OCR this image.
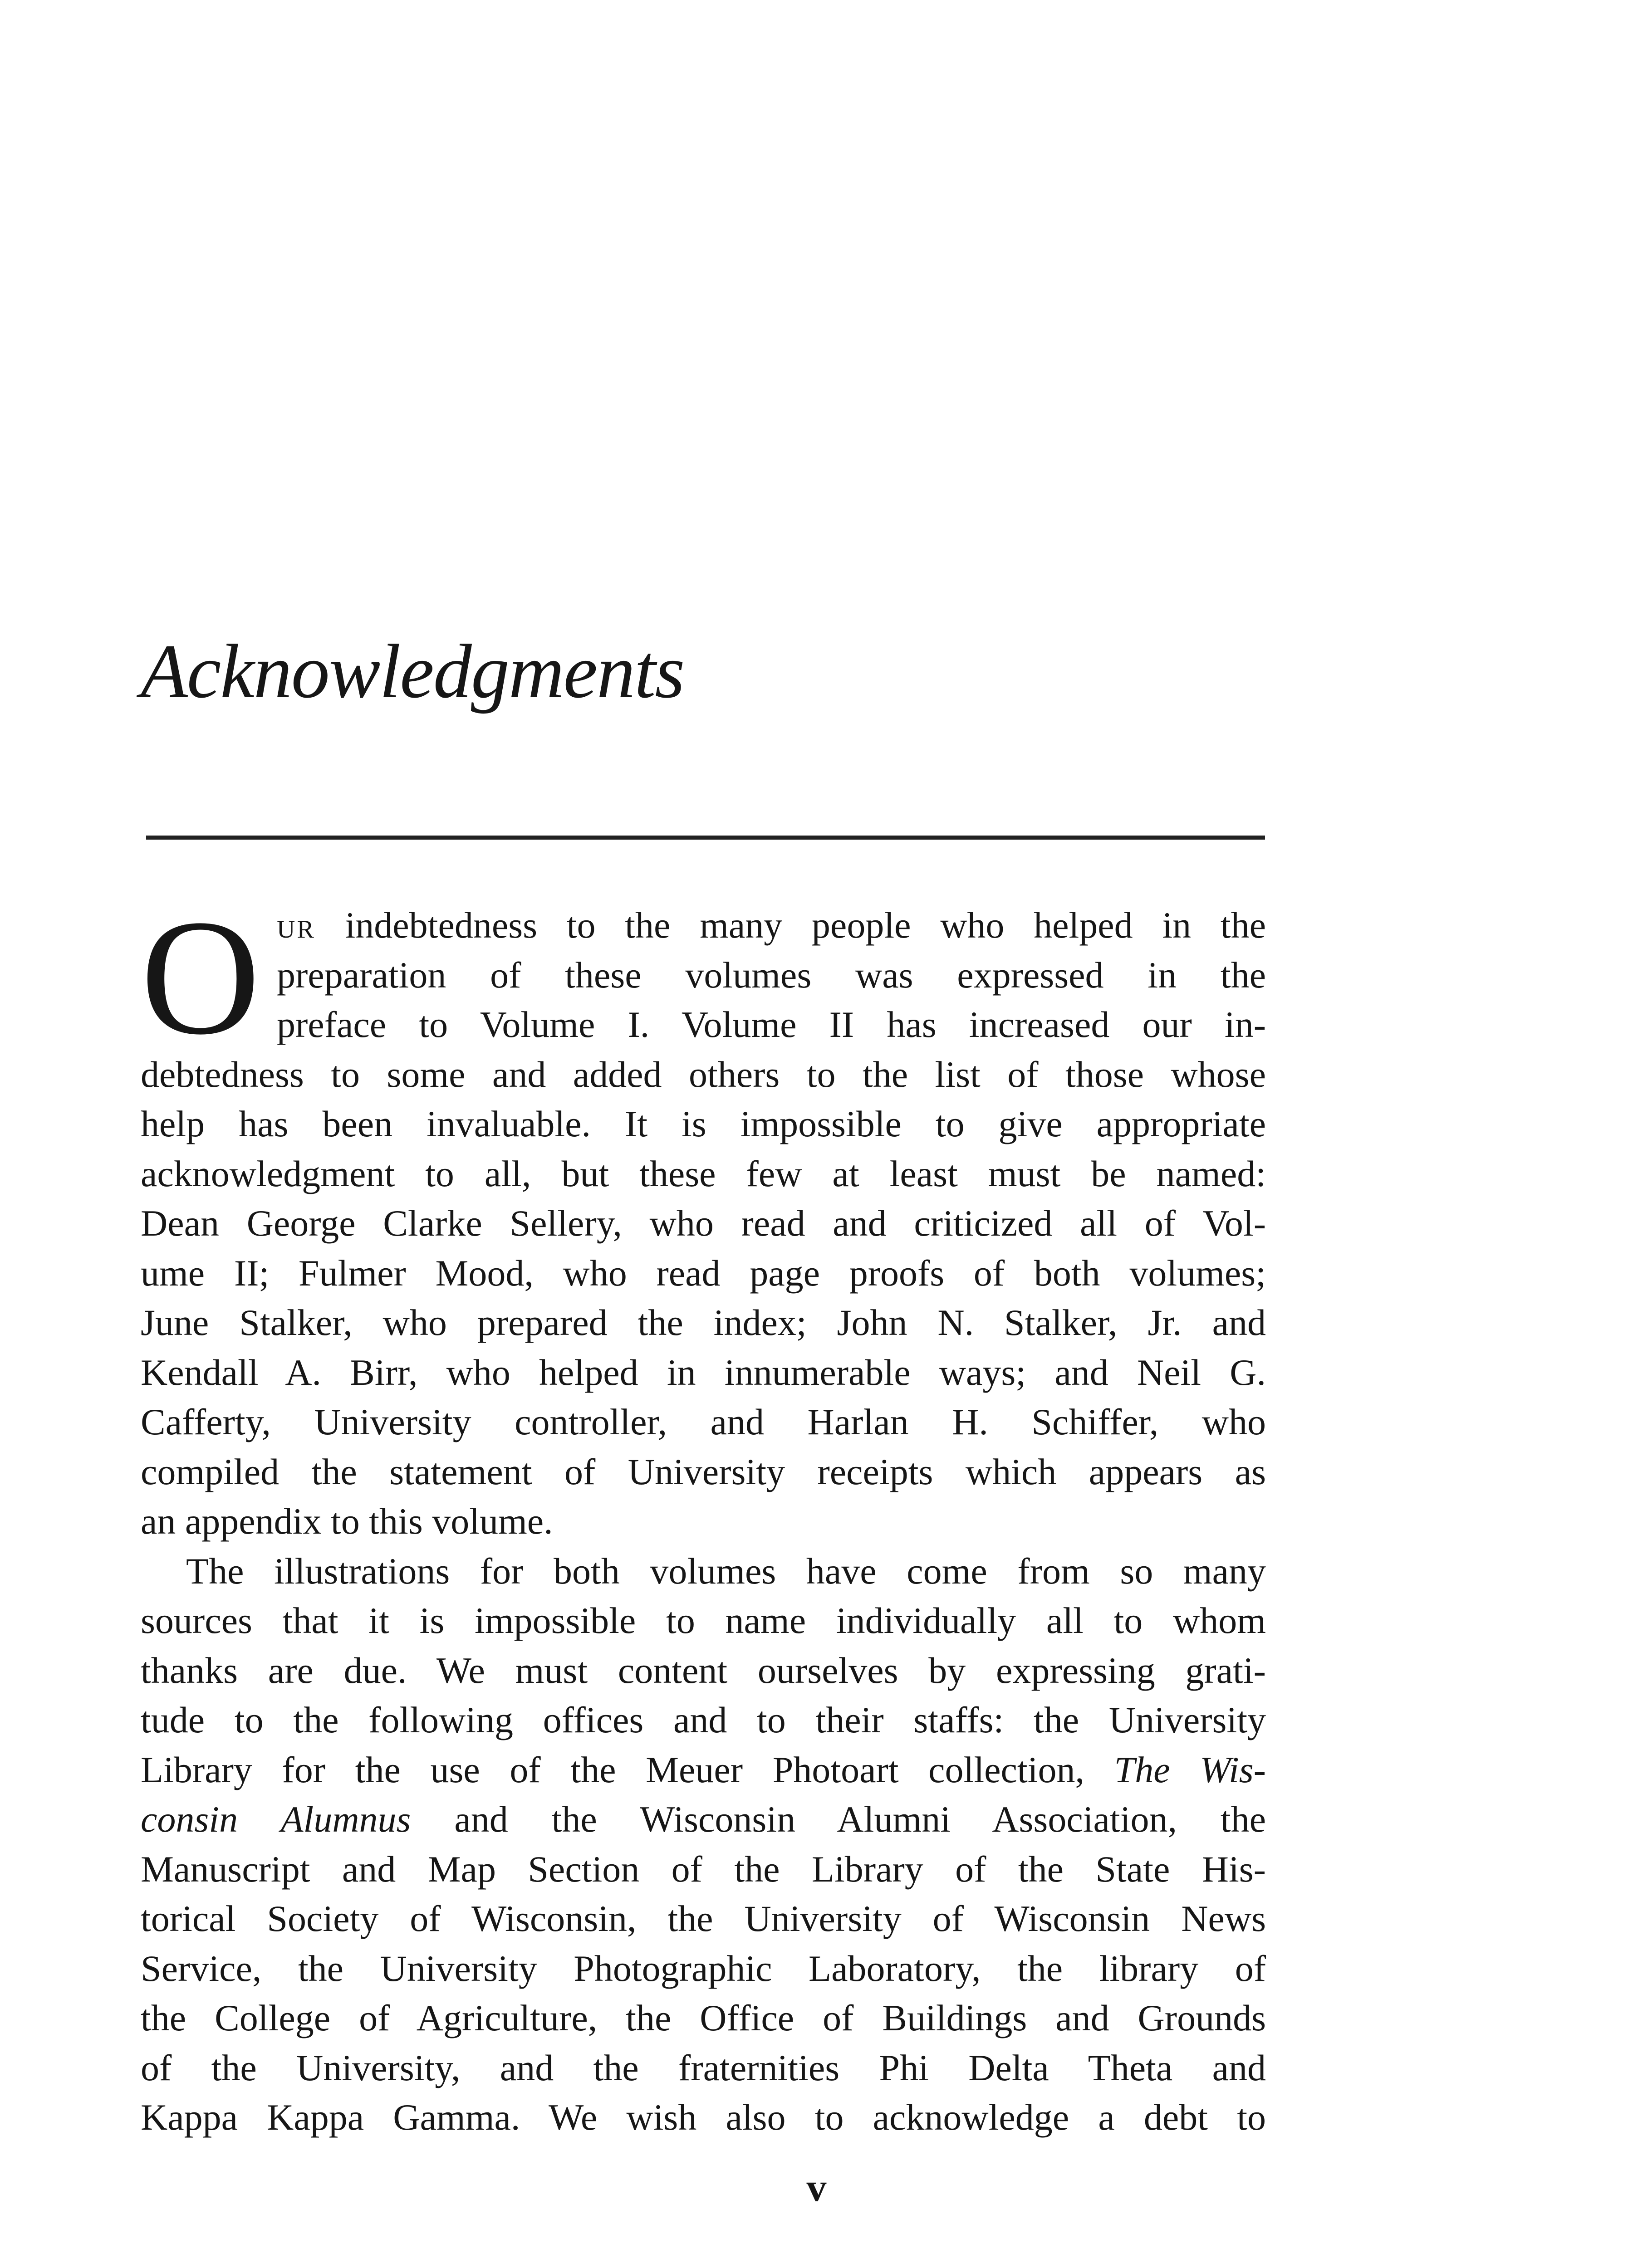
Acknowledgments
O UR indebtedness to the many people who helped in the
preparation of these volumes was expressed in the
preface to Volume I. Volume II has increased our in-
debtedness to some and added others to the list of those whose
help has been invaluable. It is impossible to give appropriate
acknowledgment to all, but these few at least must be named:
Dean George Clarke Sellery, who read and criticized all of Vol-
ume II; Fulmer Mood, who read page proofs of both volumes;
June Stalker, who prepared the index; John N. Stalker, Jr. and
Kendall A. Birr, who helped in innumerable ways; and Neil G.
Cafferty, University controller, and Harlan H. Schiffer, who
compiled the statement of University receipts which appears as
an appendix to this volume.
The illustrations for both volumes have come from so many
sources that it is impossible to name individually all to whom
thanks are due. We must content ourselves by expressing grati-
tude to the following offices and to their staffs: the University
Library for the use of the Meuer Photoart collection, The Wis-
consin Alumnus and the Wisconsin Alumni Association, the
Manuscript and Map Section of the Library of the State His-
torical Society of Wisconsin, the University of Wisconsin News
Service, the University Photographic Laboratory, the library of
the College of Agriculture, the Office of Buildings and Grounds
of the University, and the fraternities Phi Delta Theta and
Kappa Kappa Gamma. We wish also to acknowledge a debt to
v
